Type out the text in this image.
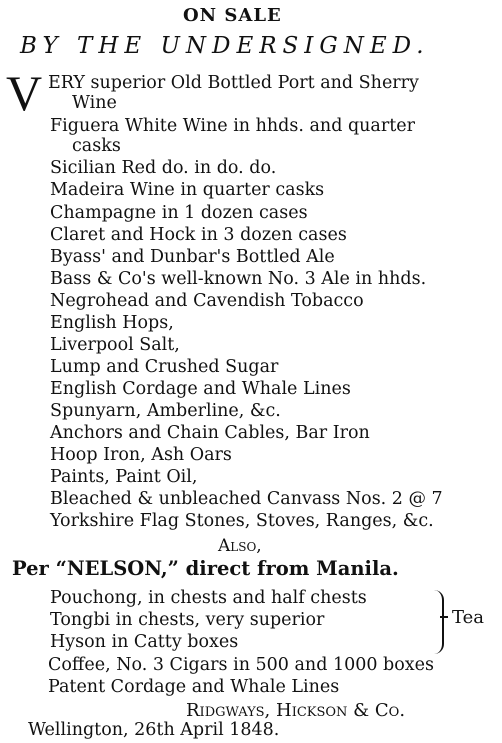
ON SALE
BY THE UNDERSIGNED.
V ERY superior Old Bottled Port and Sherry
Wine
Figuera White Wine in hhds. and quarter
casks
Sicilian Red do. in do. do.
Madeira Wine in quarter casks
Champagne in 1 dozen cases
Claret and Hock in 3 dozen cases
Byass' and Dunbar's Bottled Ale
Bass & Co's well-known No. 3 Ale in hhds.
Negrohead and Cavendish Tobacco
English Hops,
Liverpool Salt,
Lump and Crushed Sugar
English Cordage and Whale Lines
Spunyarn, Amberline, &c.
Anchors and Chain Cables, Bar Iron
Hoop Iron, Ash Oars
Paints, Paint Oil,
Bleached & unbleached Canvass Nos. 2 @ 7
Yorkshire Flag Stones, Stoves, Ranges, &c.
Also,
Per “NELSON,” direct from Manila.
Pouchong, in chests and half chests
Tongbi in chests, very superior
Hyson in Catty boxes
Tea
Coffee, No. 3 Cigars in 500 and 1000 boxes
Patent Cordage and Whale Lines
Ridgways, Hickson & Co.
Wellington, 26th April 1848.
